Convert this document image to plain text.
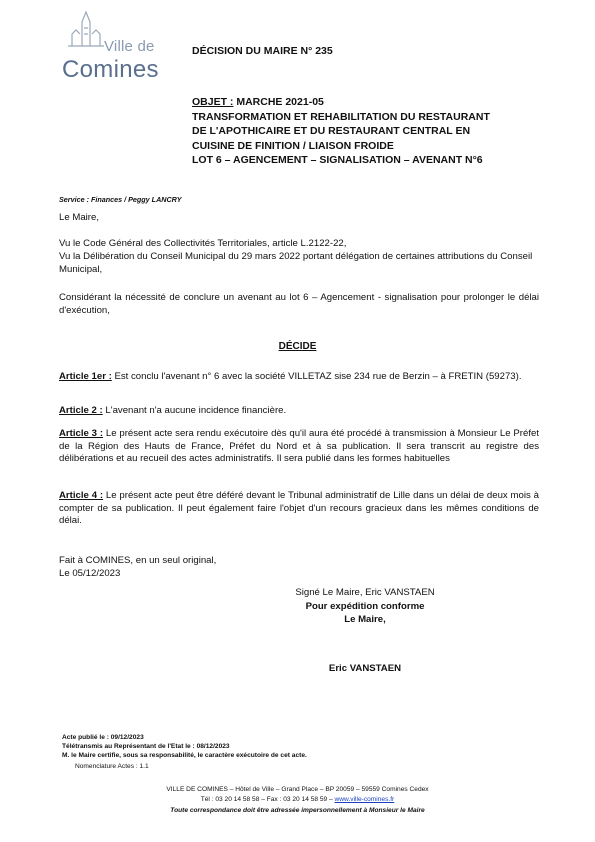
Ville de
Comines
DÉCISION DU MAIRE N° 235
OBJET : MARCHE 2021-05
TRANSFORMATION ET REHABILITATION DU RESTAURANT
DE L'APOTHICAIRE ET DU RESTAURANT CENTRAL EN
CUISINE DE FINITION / LIAISON FROIDE
LOT 6 – AGENCEMENT – SIGNALISATION – AVENANT N°6
Service : Finances / Peggy LANCRY
Le Maire,
Vu le Code Général des Collectivités Territoriales, article L.2122-22,
Vu la Délibération du Conseil Municipal du 29 mars 2022 portant délégation de certaines attributions du Conseil Municipal,
Considérant la nécessité de conclure un avenant au lot 6 – Agencement - signalisation pour prolonger le délai d'exécution,
DÉCIDE
Article 1er : Est conclu l'avenant n° 6 avec la société VILLETAZ sise 234 rue de Berzin – à FRETIN (59273).
Article 2 : L'avenant n'a aucune incidence financière.
Article 3 : Le présent acte sera rendu exécutoire dès qu'il aura été procédé à transmission à Monsieur Le Préfet de la Région des Hauts de France, Préfet du Nord et à sa publication. Il sera transcrit au registre des délibérations et au recueil des actes administratifs. Il sera publié dans les formes habituelles
Article 4 : Le présent acte peut être déféré devant le Tribunal administratif de Lille dans un délai de deux mois à compter de sa publication. Il peut également faire l'objet d'un recours gracieux dans les mêmes conditions de délai.
Fait à COMINES, en un seul original,
Le 05/12/2023
Signé Le Maire, Eric VANSTAEN
Pour expédition conforme
Le Maire,
Eric VANSTAEN
Acte publié le : 09/12/2023
Télétransmis au Représentant de l'Etat le : 08/12/2023
M. le Maire certifie, sous sa responsabilité, le caractère exécutoire de cet acte.
Nomenclature Actes : 1.1
VILLE DE COMINES – Hôtel de Ville – Grand Place – BP 20059 – 59559 Comines Cedex
Tél : 03 20 14 58 58 – Fax : 03 20 14 58 59 – www.ville-comines.fr
Toute correspondance doit être adressée impersonnellement à Monsieur le Maire
